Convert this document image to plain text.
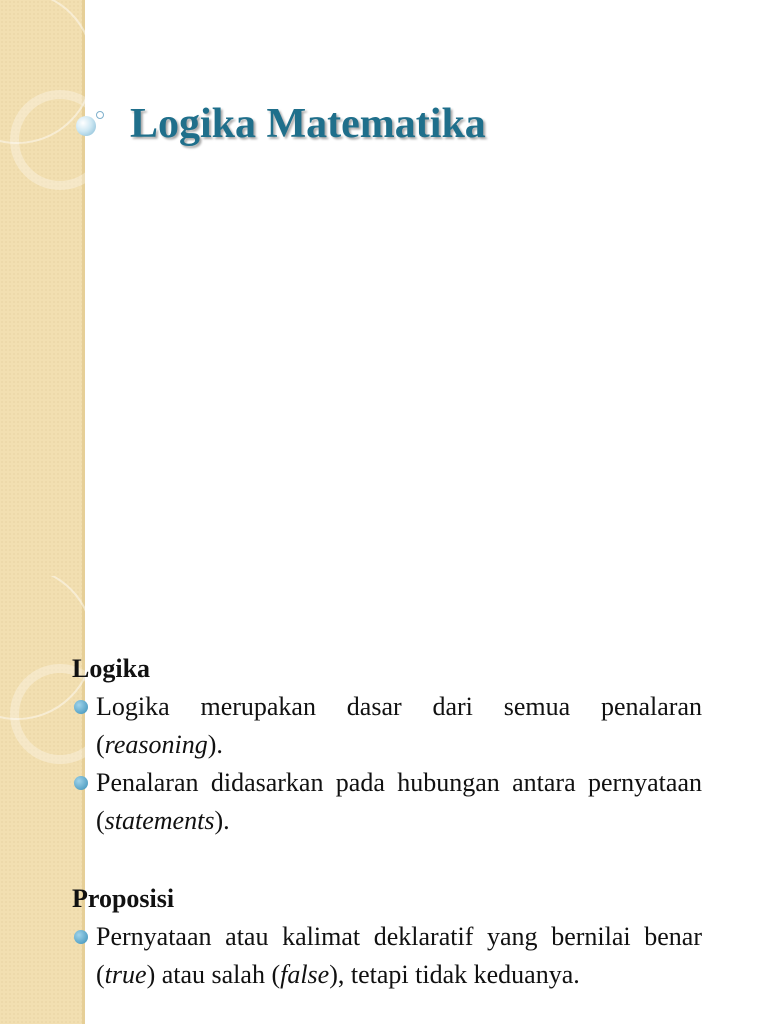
Logika Matematika

Logika

Logika merupakan dasar dari semua penalaran (reasoning).

Penalaran didasarkan pada hubungan antara pernyataan (statements).

Proposisi

Pernyataan atau kalimat deklaratif yang bernilai benar (true) atau salah (false), tetapi tidak keduanya.
